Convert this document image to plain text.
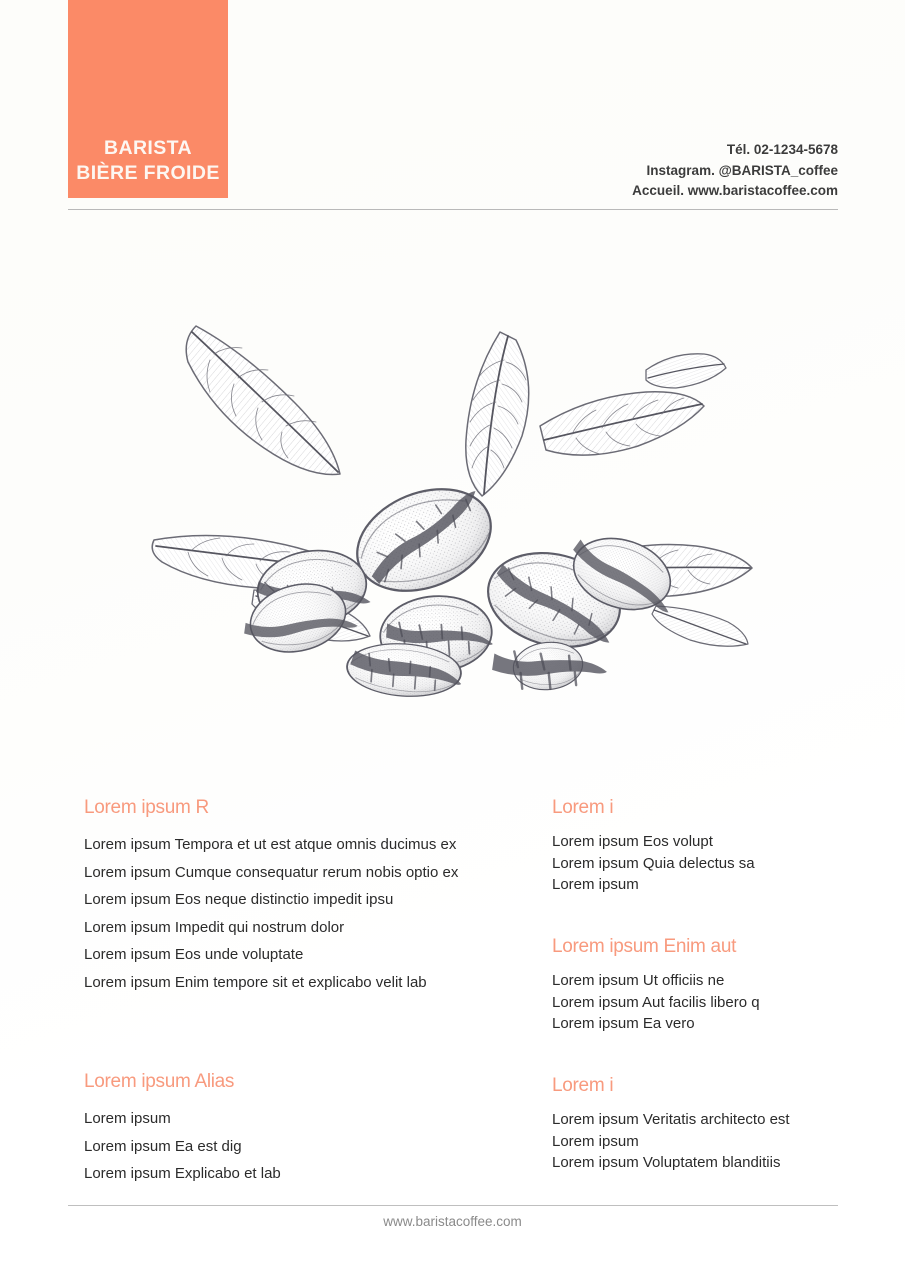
BARISTA
BIÈRE FROIDE
Tél. 02-1234-5678
Instagram. @BARISTA_coffee
Accueil. www.baristacoffee.com
Lorem ipsum R
Lorem ipsum Tempora et ut est atque omnis ducimus ex
Lorem ipsum Cumque consequatur rerum nobis optio ex
Lorem ipsum Eos neque distinctio impedit ipsu
Lorem ipsum Impedit qui nostrum dolor
Lorem ipsum Eos unde voluptate
Lorem ipsum Enim tempore sit et explicabo velit lab
Lorem ipsum Alias
Lorem ipsum
Lorem ipsum Ea est dig
Lorem ipsum Explicabo et lab
Lorem i
Lorem ipsum Eos volupt
Lorem ipsum Quia delectus sa
Lorem ipsum
Lorem ipsum Enim aut
Lorem ipsum Ut officiis ne
Lorem ipsum Aut facilis libero q
Lorem ipsum Ea vero
Lorem i
Lorem ipsum Veritatis architecto est
Lorem ipsum
Lorem ipsum Voluptatem blanditiis
www.baristacoffee.com
